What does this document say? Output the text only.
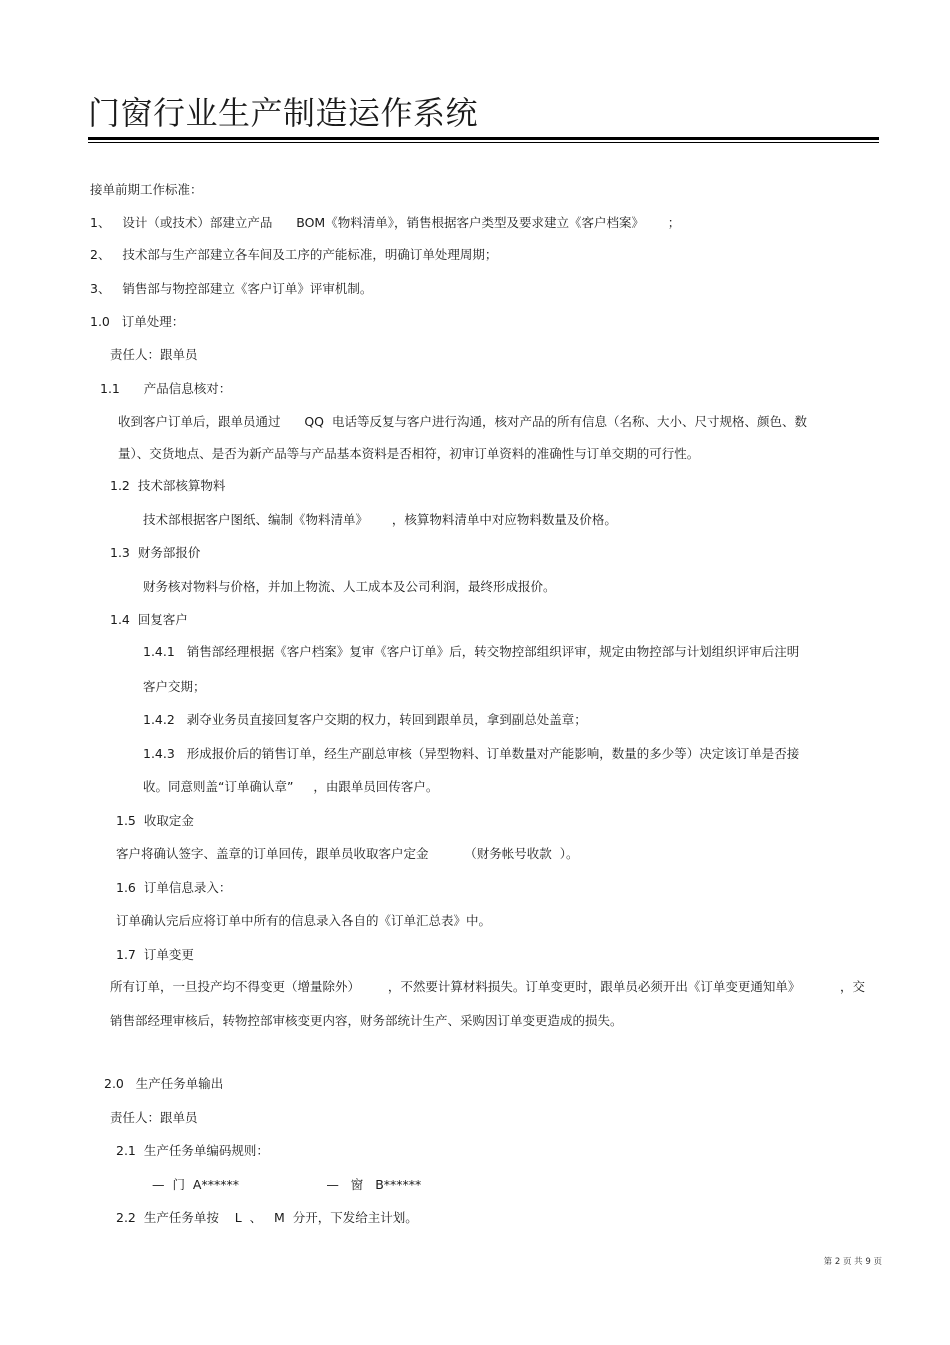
门窗行业生产制造运作系统
接单前期工作标准：
1、   设计（或技术）部建立产品      BOM《物料清单》，销售根据客户类型及要求建立《客户档案》      ；
2、   技术部与生产部建立各车间及工序的产能标准，明确订单处理周期；
3、   销售部与物控部建立《客户订单》评审机制。
1.0   订单处理：
责任人：跟单员
1.1      产品信息核对：
收到客户订单后，跟单员通过      QQ  电话等反复与客户进行沟通，核对产品的所有信息（名称、大小、尺寸规格、颜色、数
量）、交货地点、是否为新产品等与产品基本资料是否相符，初审订单资料的准确性与订单交期的可行性。
1.2  技术部核算物料
技术部根据客户图纸、编制《物料清单》      ，核算物料清单中对应物料数量及价格。
1.3  财务部报价
财务核对物料与价格，并加上物流、人工成本及公司利润，最终形成报价。
1.4  回复客户
1.4.1   销售部经理根据《客户档案》复审《客户订单》后，转交物控部组织评审，规定由物控部与计划组织评审后注明
客户交期；
1.4.2   剥夺业务员直接回复客户交期的权力，转回到跟单员，拿到副总处盖章；
1.4.3   形成报价后的销售订单，经生产副总审核（异型物料、订单数量对产能影响，数量的多少等）决定该订单是否接
收。同意则盖“订单确认章”     ，由跟单员回传客户。
1.5  收取定金
客户将确认签字、盖章的订单回传，跟单员收取客户定金         （财务帐号收款  ）。
1.6  订单信息录入：
订单确认完后应将订单中所有的信息录入各自的《订单汇总表》中。
1.7  订单变更
所有订单，一旦投产均不得变更（增量除外）       ，不然要计算材料损失。订单变更时，跟单员必须开出《订单变更通知单》          ，交
销售部经理审核后，转物控部审核变更内容，财务部统计生产、采购因订单变更造成的损失。
2.0   生产任务单输出
责任人：跟单员
2.1  生产任务单编码规则：
—  门  A******                      —   窗   B******
2.2  生产任务单按    L  、   M  分开，下发给主计划。
第 2 页 共 9 页
